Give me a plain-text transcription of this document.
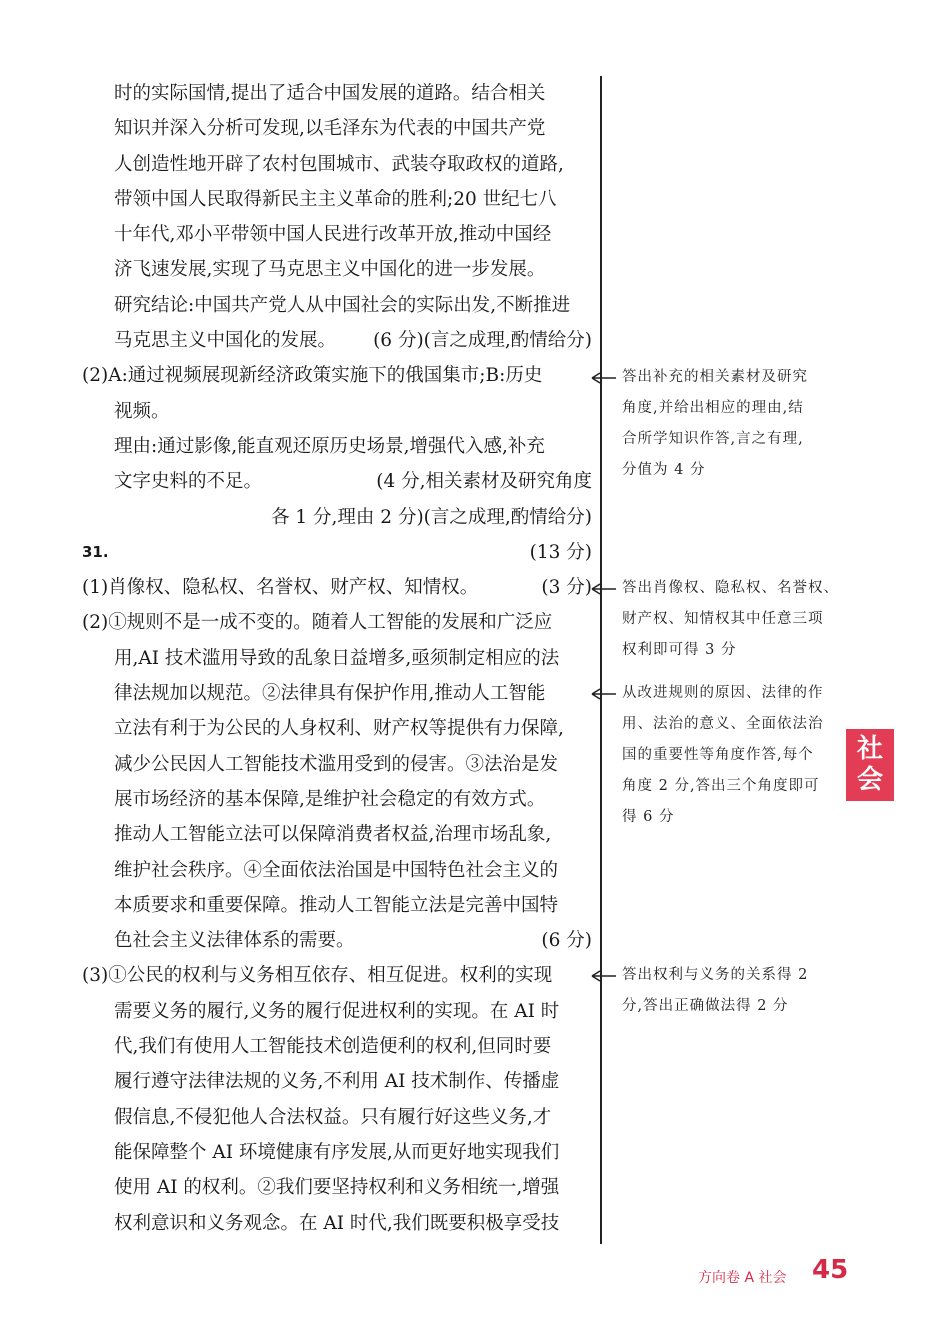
时的实际国情,提出了适合中国发展的道路。结合相关
知识并深入分析可发现,以毛泽东为代表的中国共产党
人创造性地开辟了农村包围城市、武装夺取政权的道路,
带领中国人民取得新民主主义革命的胜利;20 世纪七八
十年代,邓小平带领中国人民进行改革开放,推动中国经
济飞速发展,实现了马克思主义中国化的进一步发展。
研究结论:中国共产党人从中国社会的实际出发,不断推进
马克思主义中国化的发展。 (6 分)(言之成理,酌情给分)
(2)A:通过视频展现新经济政策实施下的俄国集市;B:历史
视频。
理由:通过影像,能直观还原历史场景,增强代入感,补充
文字史料的不足。	(4 分,相关素材及研究角度
各 1 分,理由 2 分)(言之成理,酌情给分)
31.	(13 分)
(1)肖像权、隐私权、名誉权、财产权、知情权。	(3 分)
(2)①规则不是一成不变的。随着人工智能的发展和广泛应
用,AI 技术滥用导致的乱象日益增多,亟须制定相应的法
律法规加以规范。②法律具有保护作用,推动人工智能
立法有利于为公民的人身权利、财产权等提供有力保障,
减少公民因人工智能技术滥用受到的侵害。③法治是发
展市场经济的基本保障,是维护社会稳定的有效方式。
推动人工智能立法可以保障消费者权益,治理市场乱象,
维护社会秩序。④全面依法治国是中国特色社会主义的
本质要求和重要保障。推动人工智能立法是完善中国特
色社会主义法律体系的需要。	(6 分)
(3)①公民的权利与义务相互依存、相互促进。权利的实现
需要义务的履行,义务的履行促进权利的实现。在 AI 时
代,我们有使用人工智能技术创造便利的权利,但同时要
履行遵守法律法规的义务,不利用 AI 技术制作、传播虚
假信息,不侵犯他人合法权益。只有履行好这些义务,才
能保障整个 AI 环境健康有序发展,从而更好地实现我们
使用 AI 的权利。②我们要坚持权利和义务相统一,增强
权利意识和义务观念。在 AI 时代,我们既要积极享受技
答出补充的相关素材及研究
角度,并给出相应的理由,结
合所学知识作答,言之有理,
分值为 4 分
答出肖像权、隐私权、名誉权、
财产权、知情权其中任意三项
权利即可得 3 分
从改进规则的原因、法律的作
用、法治的意义、全面依法治
国的重要性等角度作答,每个
角度 2 分,答出三个角度即可
得 6 分
答出权利与义务的关系得 2
分,答出正确做法得 2 分
社
会
方向卷 A 社会 45
